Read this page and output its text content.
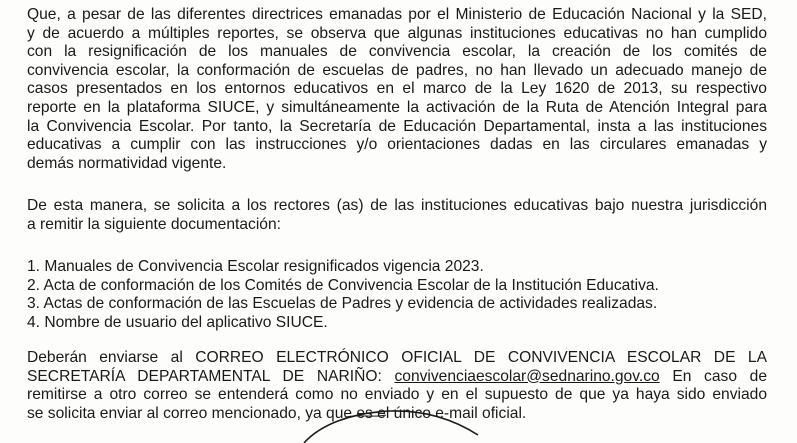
Que, a pesar de las diferentes directrices emanadas por el Ministerio de Educación Nacional y la SED,
y de acuerdo a múltiples reportes, se observa que algunas instituciones educativas no han cumplido
con la resignificación de los manuales de convivencia escolar, la creación de los comités de
convivencia escolar, la conformación de escuelas de padres, no han llevado un adecuado manejo de
casos presentados en los entornos educativos en el marco de la Ley 1620 de 2013, su respectivo
reporte en la plataforma SIUCE, y simultáneamente la activación de la Ruta de Atención Integral para
la Convivencia Escolar. Por tanto, la Secretaría de Educación Departamental, insta a las instituciones
educativas a cumplir con las instrucciones y/o orientaciones dadas en las circulares emanadas y
demás normatividad vigente.

De esta manera, se solicita a los rectores (as) de las instituciones educativas bajo nuestra jurisdicción
a remitir la siguiente documentación:

1. Manuales de Convivencia Escolar resignificados vigencia 2023.
2. Acta de conformación de los Comités de Convivencia Escolar de la Institución Educativa.
3. Actas de conformación de las Escuelas de Padres y evidencia de actividades realizadas.
4. Nombre de usuario del aplicativo SIUCE.

Deberán enviarse al CORREO ELECTRÓNICO OFICIAL DE CONVIVENCIA ESCOLAR DE LA
SECRETARÍA DEPARTAMENTAL DE NARIÑO: convivenciaescolar@sednarino.gov.co En caso de
remitirse a otro correo se entenderá como no enviado y en el supuesto de que ya haya sido enviado
se solicita enviar al correo mencionado, ya que es el único e-mail oficial.
